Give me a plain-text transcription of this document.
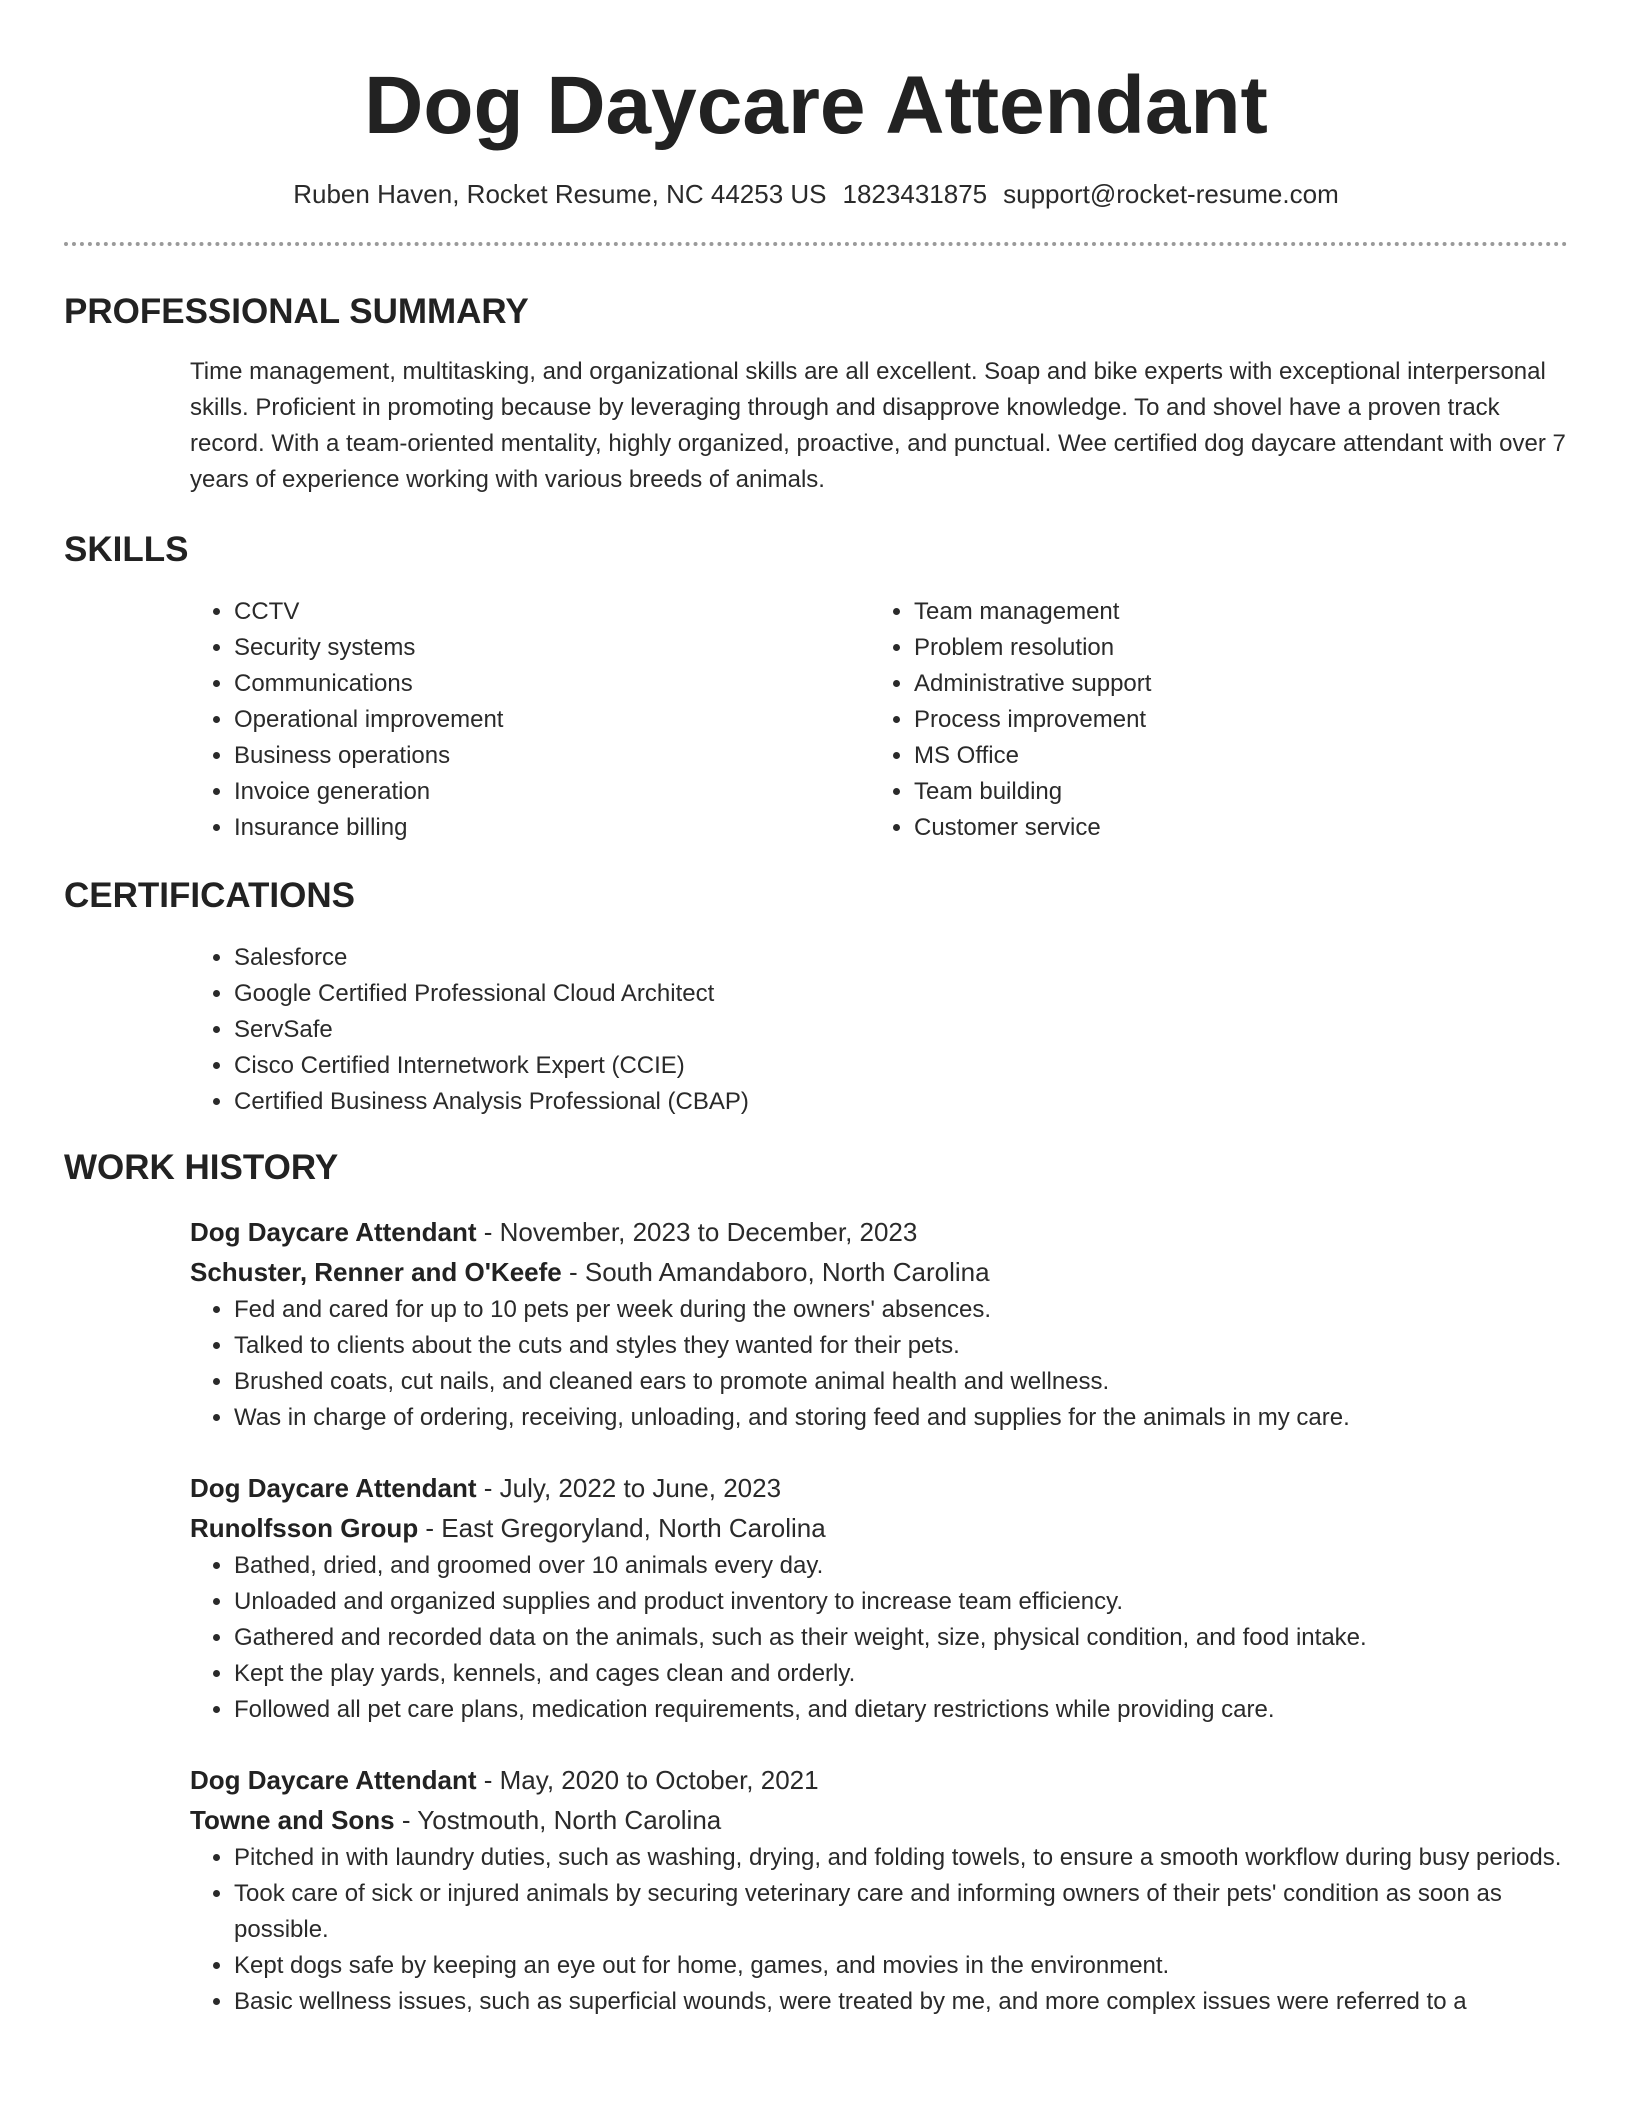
Dog Daycare Attendant
Ruben Haven, Rocket Resume, NC 44253 US 1823431875 support@rocket-resume.com
PROFESSIONAL SUMMARY

Time management, multitasking, and organizational skills are all excellent. Soap and bike experts with exceptional interpersonal skills. Proficient in promoting because by leveraging through and disapprove knowledge. To and shovel have a proven track record. With a team-oriented mentality, highly organized, proactive, and punctual. Wee certified dog daycare attendant with over 7 years of experience working with various breeds of animals.

SKILLS
• CCTV
• Security systems
• Communications
• Operational improvement
• Business operations
• Invoice generation
• Insurance billing
• Team management
• Problem resolution
• Administrative support
• Process improvement
• MS Office
• Team building
• Customer service
CERTIFICATIONS
• Salesforce
• Google Certified Professional Cloud Architect
• ServSafe
• Cisco Certified Internetwork Expert (CCIE)
• Certified Business Analysis Professional (CBAP)
WORK HISTORY
Dog Daycare Attendant - November, 2023 to December, 2023
Schuster, Renner and O'Keefe - South Amandaboro, North Carolina
• Fed and cared for up to 10 pets per week during the owners' absences.
• Talked to clients about the cuts and styles they wanted for their pets.
• Brushed coats, cut nails, and cleaned ears to promote animal health and wellness.
• Was in charge of ordering, receiving, unloading, and storing feed and supplies for the animals in my care.
Dog Daycare Attendant - July, 2022 to June, 2023
Runolfsson Group - East Gregoryland, North Carolina
• Bathed, dried, and groomed over 10 animals every day.
• Unloaded and organized supplies and product inventory to increase team efficiency.
• Gathered and recorded data on the animals, such as their weight, size, physical condition, and food intake.
• Kept the play yards, kennels, and cages clean and orderly.
• Followed all pet care plans, medication requirements, and dietary restrictions while providing care.
Dog Daycare Attendant - May, 2020 to October, 2021
Towne and Sons - Yostmouth, North Carolina
• Pitched in with laundry duties, such as washing, drying, and folding towels, to ensure a smooth workflow during busy periods.
• Took care of sick or injured animals by securing veterinary care and informing owners of their pets' condition as soon as possible.
• Kept dogs safe by keeping an eye out for home, games, and movies in the environment.
• Basic wellness issues, such as superficial wounds, were treated by me, and more complex issues were referred to a
